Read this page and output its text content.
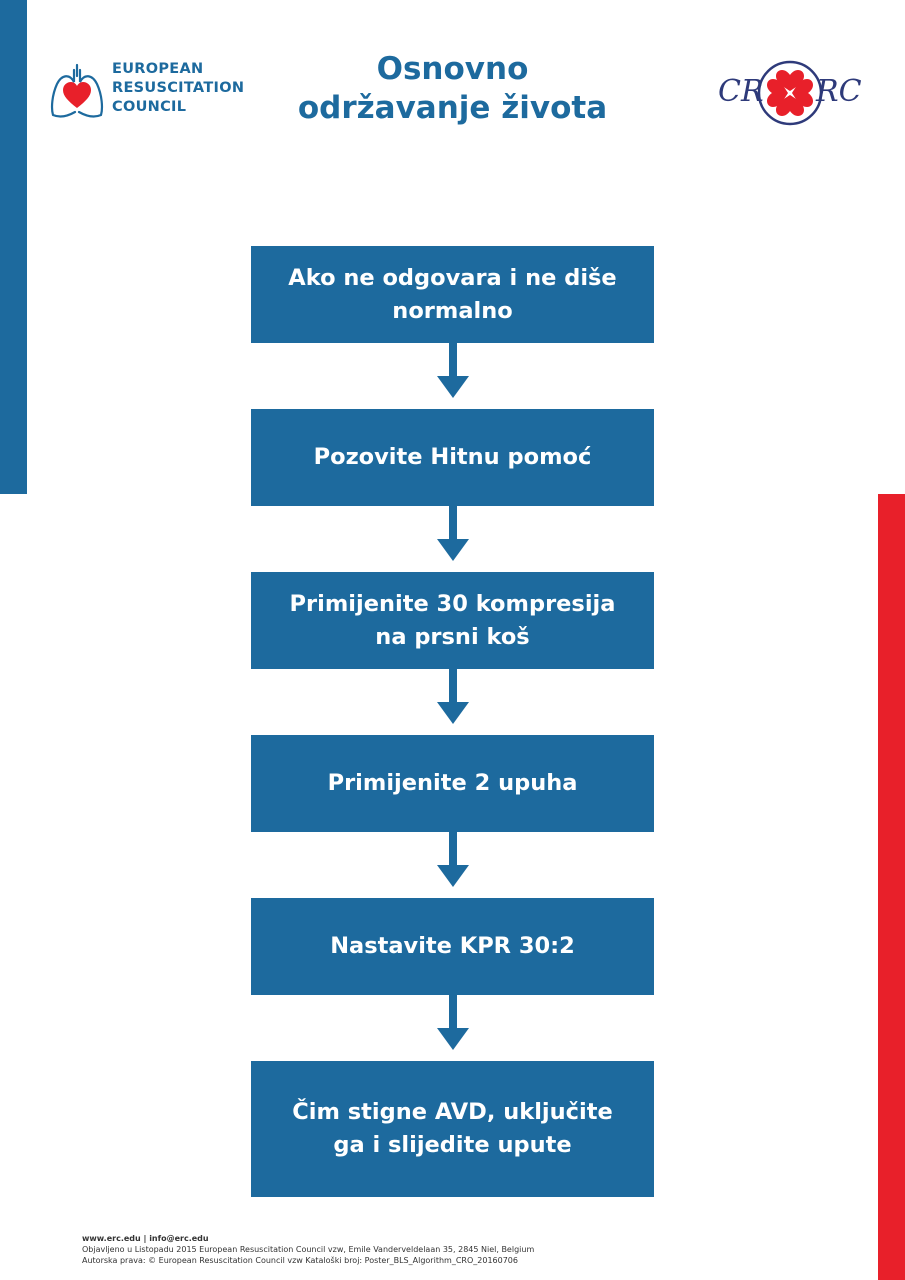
EUROPEAN
RESUSCITATION
COUNCIL
Osnovno
održavanje života	CR RC
Ako ne odgovara i ne diše normalno
Pozovite Hitnu pomoć
Primijenite 30 kompresija na prsni koš
Primijenite 2 upuha
Nastavite KPR 30:2
Čim stigne AVD, uključite ga i slijedite upute
www.erc.edu | info@erc.edu
Objavljeno u Listopadu 2015 European Resuscitation Council vzw, Emile Vanderveldelaan 35, 2845 Niel, Belgium
Autorska prava: © European Resuscitation Council vzw Kataloški broj: Poster_BLS_Algorithm_CRO_20160706
